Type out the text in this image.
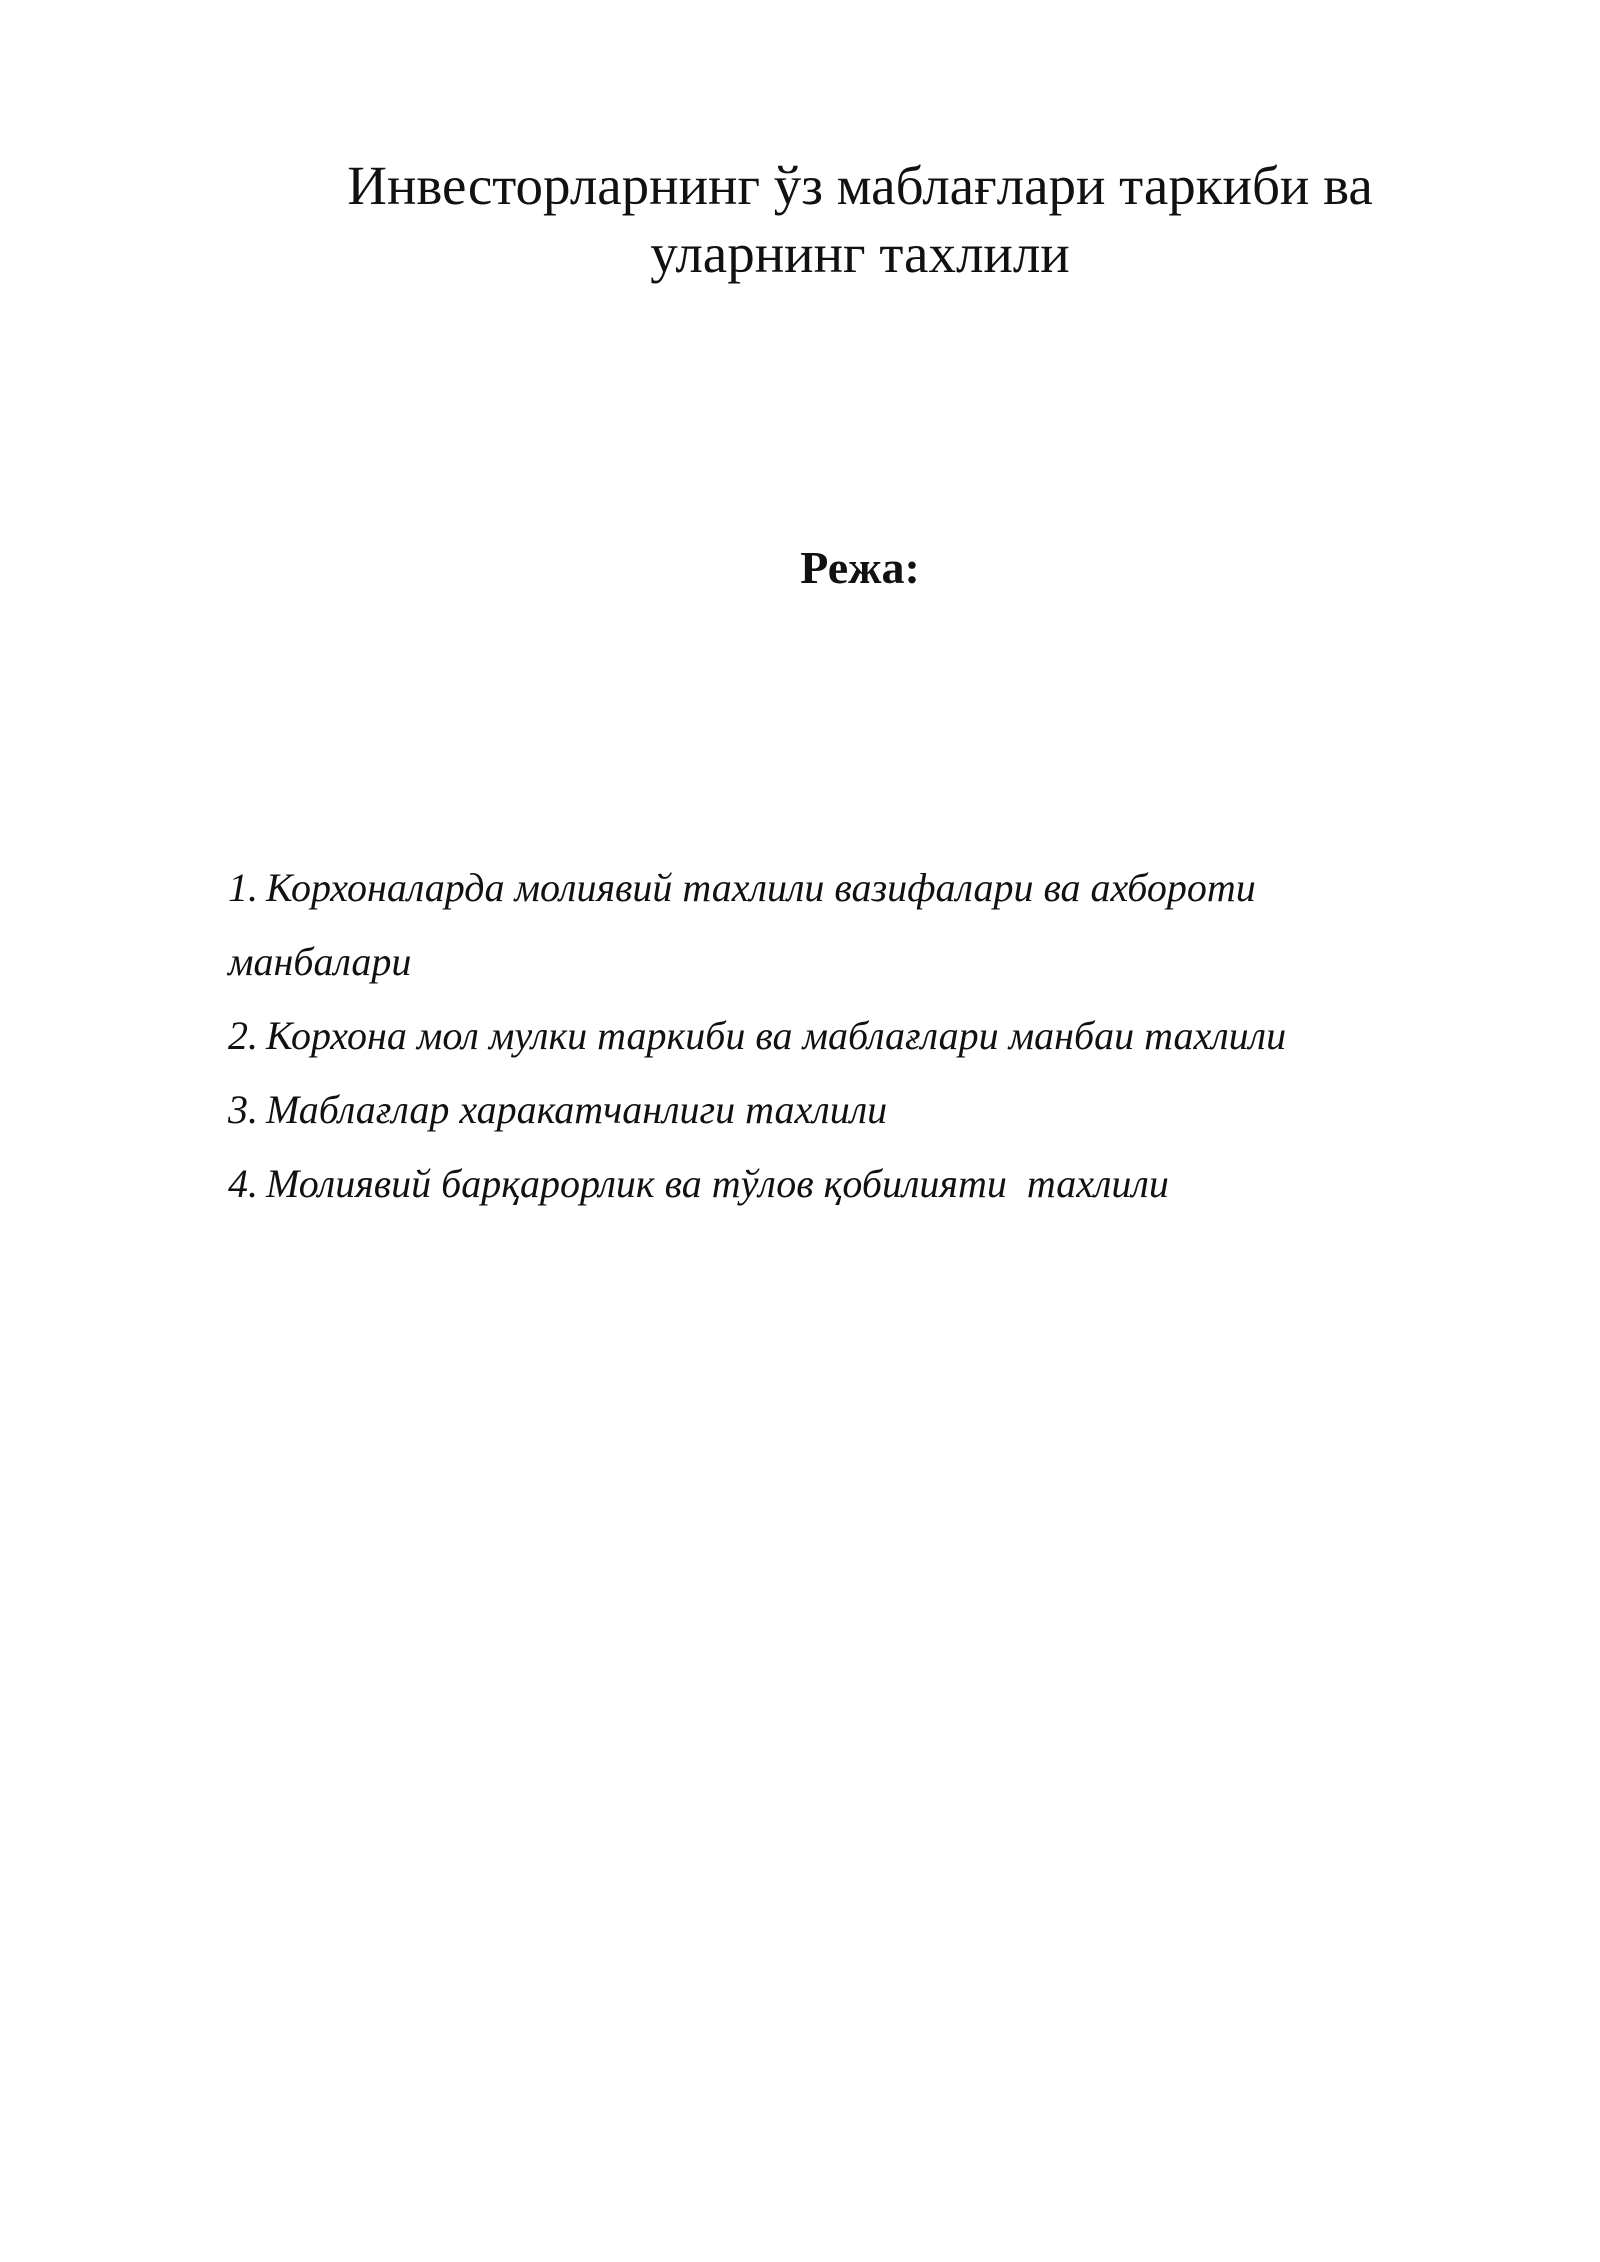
Инвесторларнинг ўз маблағлари таркиби ва
уларнинг тахлили
Режа:
1. Корхоналарда молиявий тахлили вазифалари ва ахбороти
манбалари
2. Корхона мол мулки таркиби ва маблағлари манбаи тахлили
3. Маблағлар харакатчанлиги тахлили
4. Молиявий барқарорлик ва тўлов қобилияти  тахлили
